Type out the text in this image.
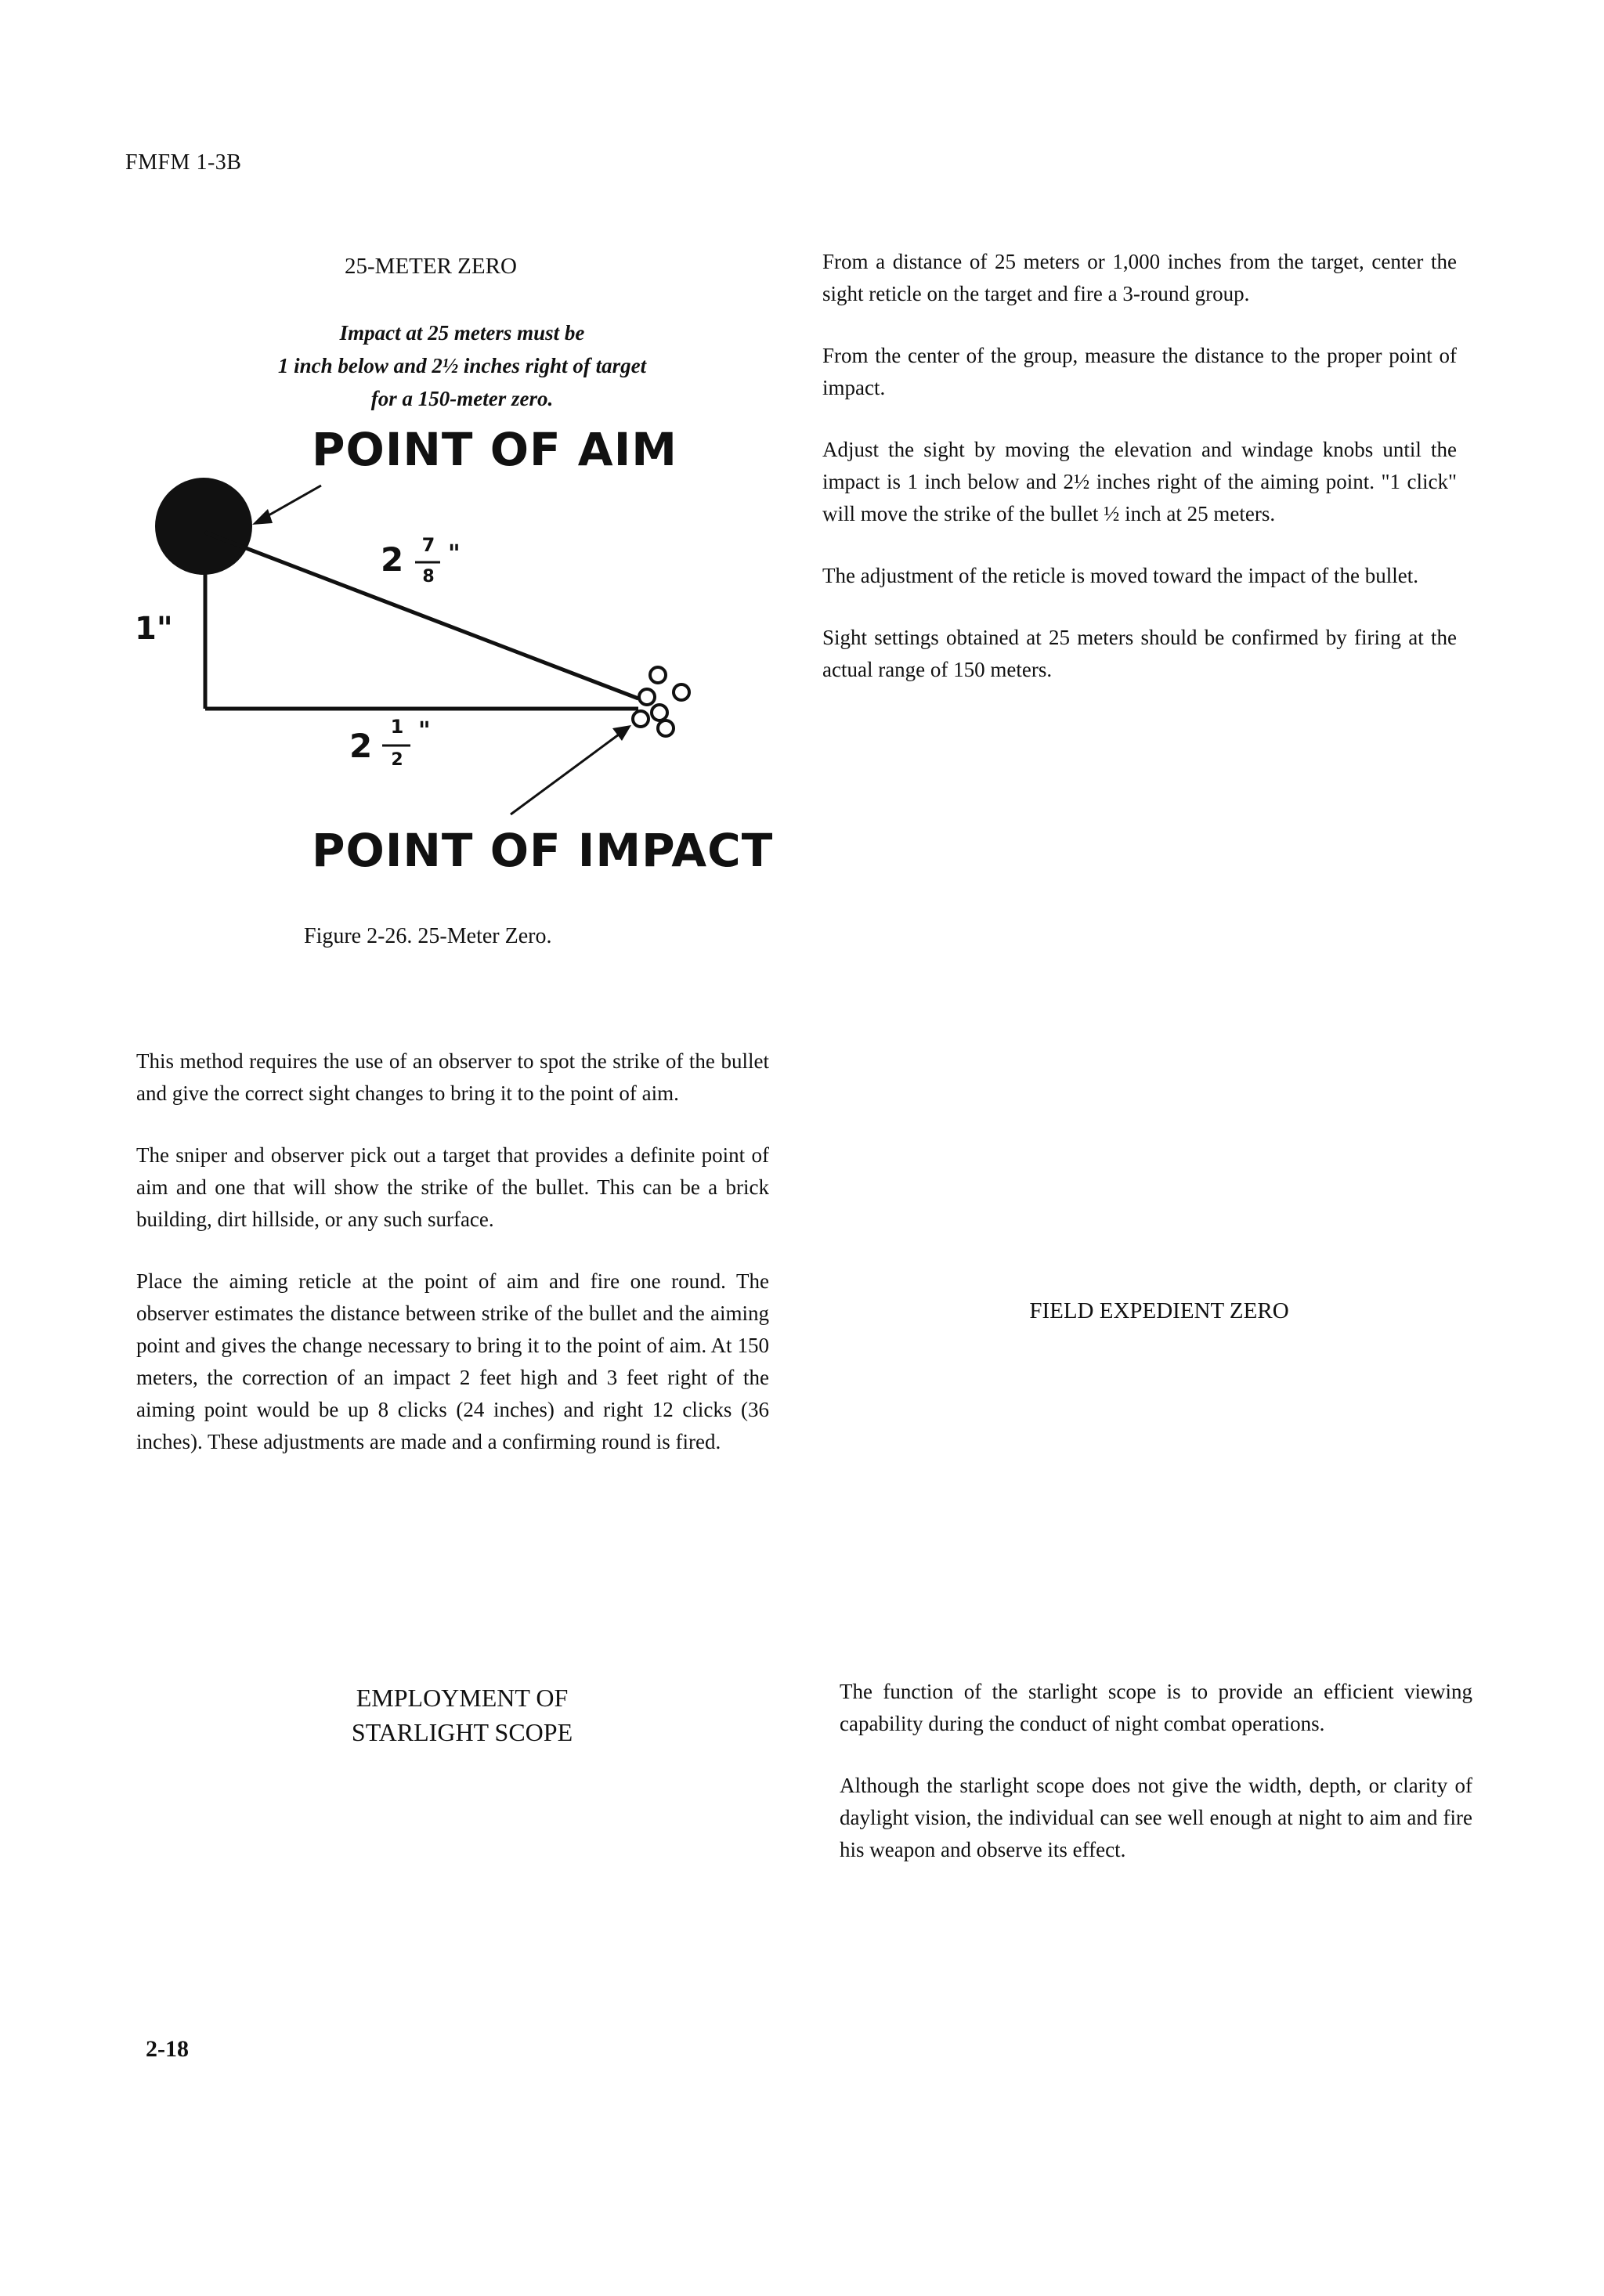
FMFM 1-3B
25-METER ZERO
Impact at 25 meters must be
1 inch below and 2½ inches right of target
for a 150-meter zero.
POINT OF AIM
1"
2 7
8
"
2 1
2
"
POINT OF IMPACT
Figure 2-26. 25-Meter Zero.

From a distance of 25 meters or 1,000 inches from the target, center the sight reticle on the target and fire a 3-round group.

From the center of the group, measure the distance to the proper point of impact.

Adjust the sight by moving the elevation and windage knobs until the impact is 1 inch below and 2½ inches right of the aiming point. "1 click" will move the strike of the bullet ½ inch at 25 meters.

The adjustment of the reticle is moved toward the impact of the bullet.

Sight settings obtained at 25 meters should be confirmed by firing at the actual range of 150 meters.

This method requires the use of an observer to spot the strike of the bullet and give the correct sight changes to bring it to the point of aim.

The sniper and observer pick out a target that provides a definite point of aim and one that will show the strike of the bullet. This can be a brick building, dirt hillside, or any such surface.

Place the aiming reticle at the point of aim and fire one round. The observer estimates the distance between strike of the bullet and the aiming point and gives the change necessary to bring it to the point of aim. At 150 meters, the correction of an impact 2 feet high and 3 feet right of the aiming point would be up 8 clicks (24 inches) and right 12 clicks (36 inches). These adjustments are made and a confirming round is fired.

FIELD EXPEDIENT ZERO
EMPLOYMENT OF
STARLIGHT SCOPE

The function of the starlight scope is to provide an efficient viewing capability during the conduct of night combat operations.

Although the starlight scope does not give the width, depth, or clarity of daylight vision, the individual can see well enough at night to aim and fire his weapon and observe its effect.

2-18
